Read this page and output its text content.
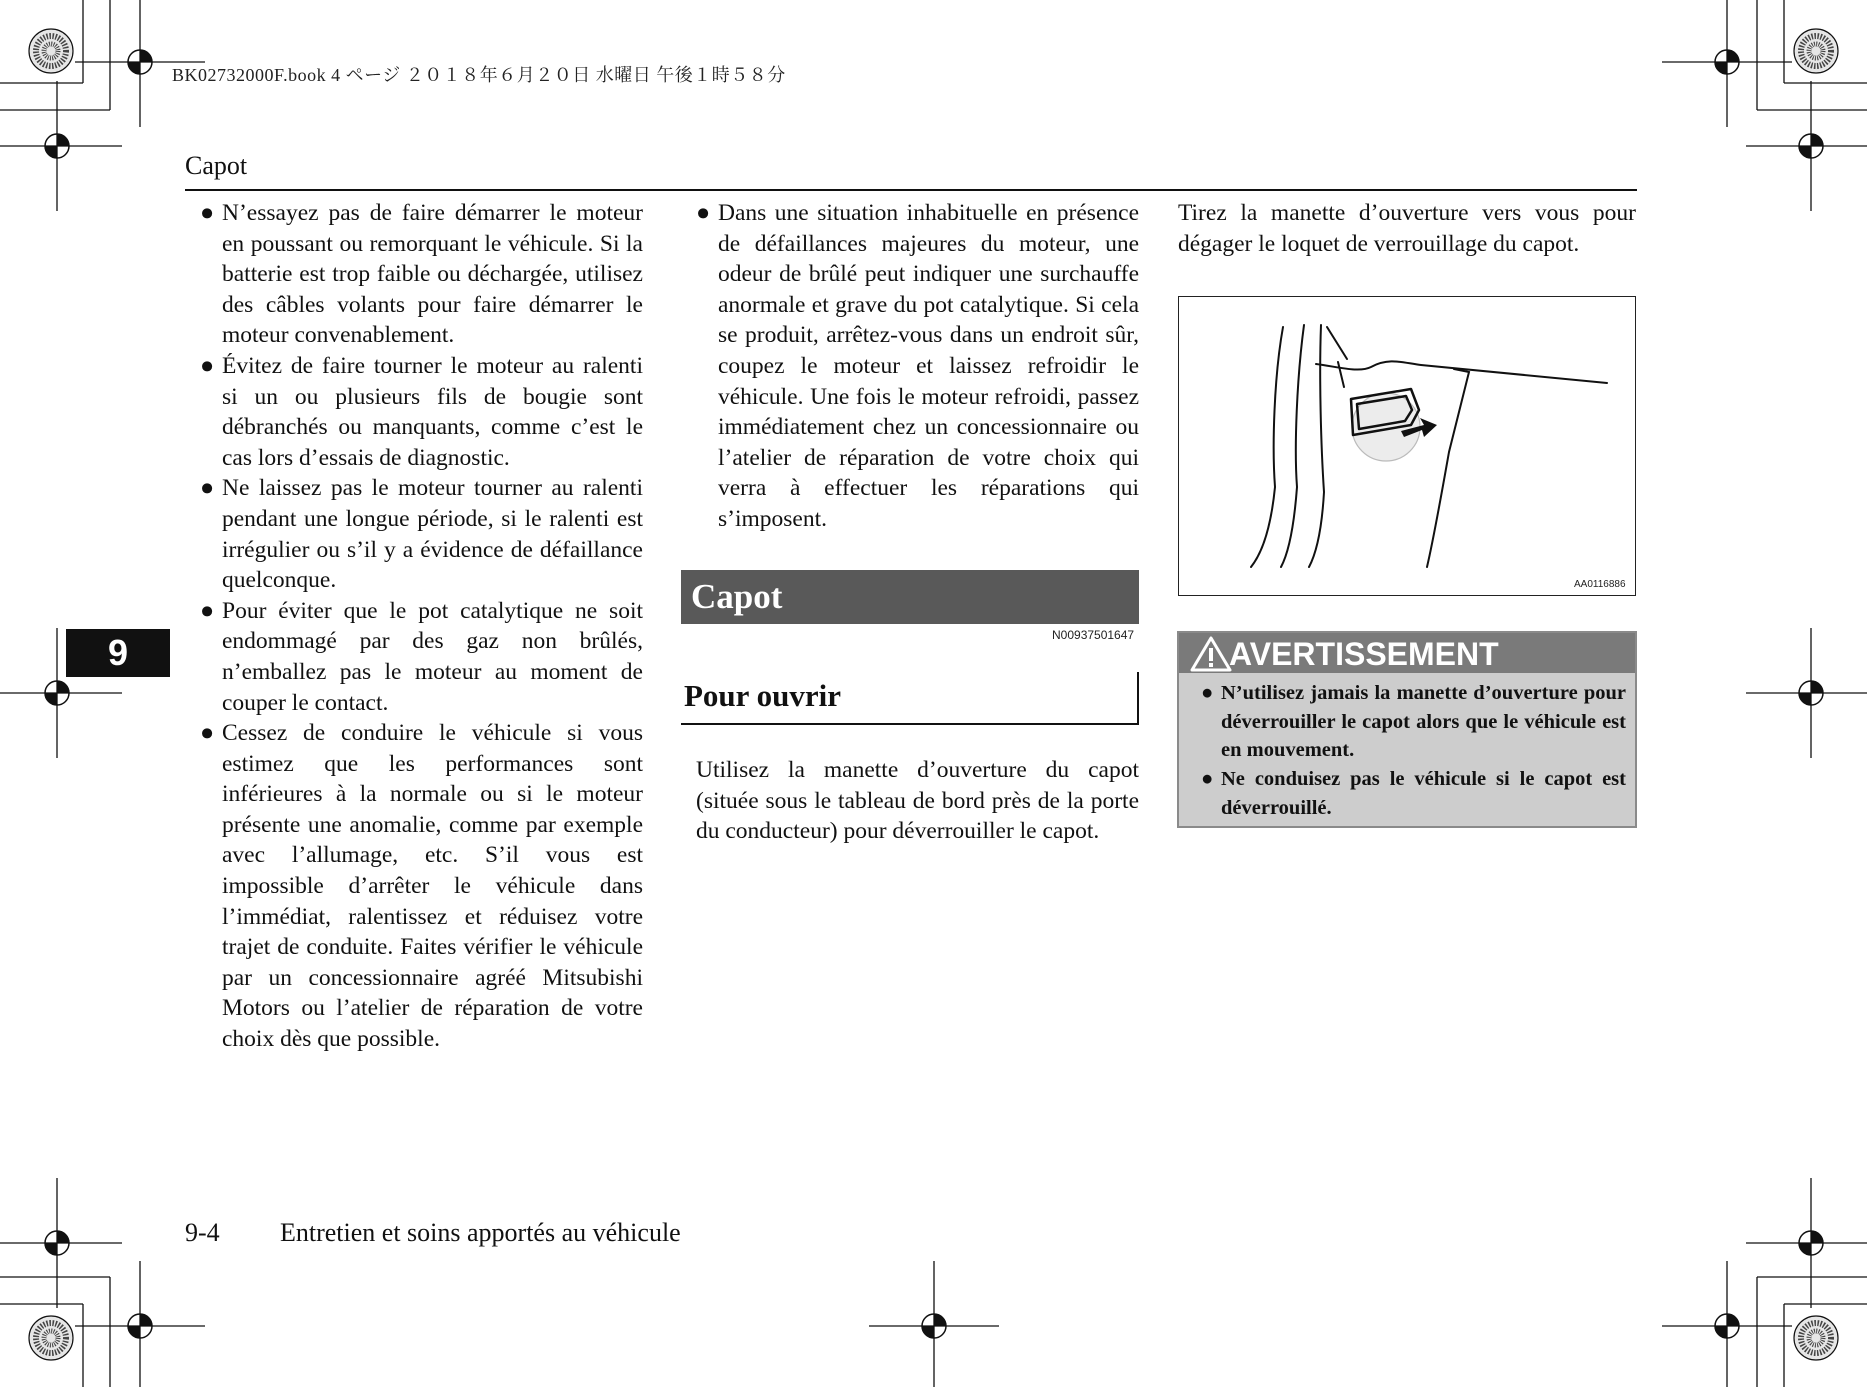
BK02732000F.book 4 ページ ２０１８年６月２０日 水曜日 午後１時５８分
Capot

● N’essayez pas de faire démarrer le moteur en poussant ou remorquant le véhicule. Si la batterie est trop faible ou déchargée, utilisez des câbles volants pour faire démarrer le moteur convenablement.

● Évitez de faire tourner le moteur au ralenti si un ou plusieurs fils de bougie sont débranchés ou manquants, comme c’est le cas lors d’essais de diagnostic.

● Ne laissez pas le moteur tourner au ralenti pendant une longue période, si le ralenti est irrégulier ou s’il y a évidence de défaillance quelconque.

● Pour éviter que le pot catalytique ne soit endommagé par des gaz non brûlés, n’emballez pas le moteur au moment de couper le contact.

● Cessez de conduire le véhicule si vous estimez que les performances sont inférieures à la normale ou si le moteur présente une anomalie, comme par exemple avec l’allumage, etc. S’il vous est impossible d’arrêter le véhicule dans l’immédiat, ralentissez et réduisez votre trajet de conduite. Faites vérifier le véhicule par un concessionnaire agréé Mitsubishi Motors ou l’atelier de réparation de votre choix dès que possible.

● Dans une situation inhabituelle en présence de défaillances majeures du moteur, une odeur de brûlé peut indiquer une surchauffe anormale et grave du pot catalytique. Si cela se produit, arrêtez-vous dans un endroit sûr, coupez le moteur et laissez refroidir le véhicule. Une fois le moteur refroidi, passez immédiatement chez un concessionnaire ou l’atelier de réparation de votre choix qui verra à effectuer les réparations qui s’imposent.

Capot
N00937501647
Pour ouvrir

Utilisez la manette d’ouverture du capot (située sous le tableau de bord près de la porte du conducteur) pour déverrouiller le capot.

Tirez la manette d’ouverture vers vous pour dégager le loquet de verrouillage du capot.

AA0116886
AVERTISSEMENT

● N’utilisez jamais la manette d’ouverture pour déverrouiller le capot alors que le véhicule est en mouvement.

● Ne conduisez pas le véhicule si le capot est déverrouillé.

9
9-4 Entretien et soins apportés au véhicule
